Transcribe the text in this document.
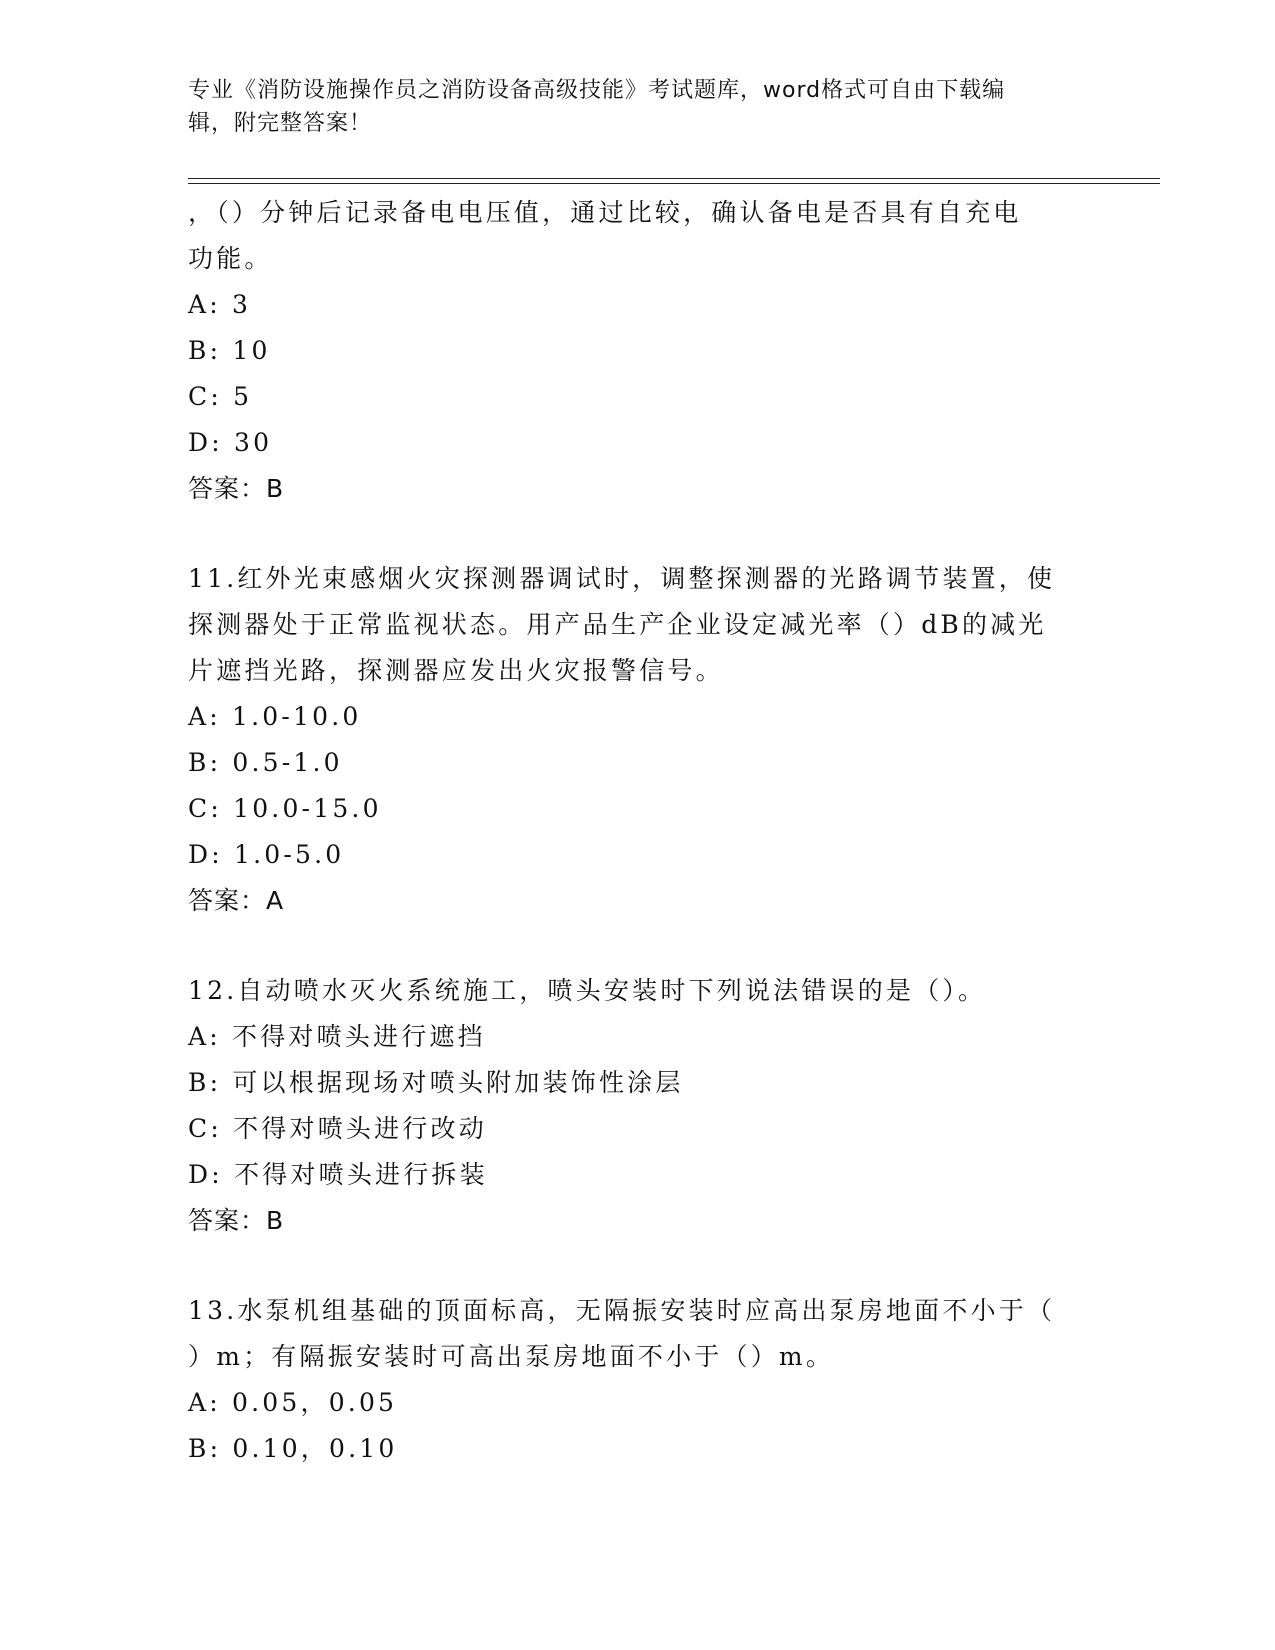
专业《消防设施操作员之消防设备高级技能》考试题库，word格式可自由下载编
辑，附完整答案！
，（）分钟后记录备电电压值，通过比较，确认备电是否具有自充电
功能。
A: 3
B: 10
C: 5
D: 30
答案：B
11.红外光束感烟火灾探测器调试时，调整探测器的光路调节装置，使
探测器处于正常监视状态。用产品生产企业设定减光率（）dB的减光
片遮挡光路，探测器应发出火灾报警信号。
A: 1.0-10.0
B: 0.5-1.0
C: 10.0-15.0
D: 1.0-5.0
答案：A
12.自动喷水灭火系统施工，喷头安装时下列说法错误的是（）。
A: 不得对喷头进行遮挡
B: 可以根据现场对喷头附加装饰性涂层
C: 不得对喷头进行改动
D: 不得对喷头进行拆装
答案：B
13.水泵机组基础的顶面标高，无隔振安装时应高出泵房地面不小于（
）m；有隔振安装时可高出泵房地面不小于（）m。
A: 0.05，0.05
B: 0.10，0.10
